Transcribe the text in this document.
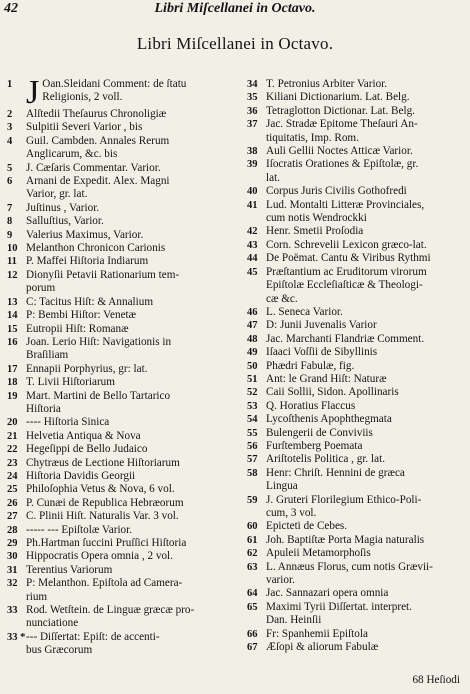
42	Libri Miſcellanei in Octavo.
Libri Miſcellanei in Octavo.
1 J Oan.Sleidani Comment: de ſtatu
Religionis, 2 voll.
2	Alſtedii Theſaurus Chronoligiæ
3	Sulpitii Severi Varior , bis
4	Guil. Cambden. Annales Rerum
Anglicarum, &c. bis
5	J. Cæſaris Commentar. Varior.
6	Arnani de Expedit. Alex. Magni
Varior, gr. lat.
7	Juſtinus , Varior.
8	Salluſtius, Varior.
9	Valerius Maximus, Varior.
10 Melanthon Chronicon Carionis
11 P. Maffei Hiſtoria Indiarum
12 Dionyſii Petavii Rationarium tem-
porum
13 C: Tacitus Hiſt: & Annalium
14 P: Bembi Hiſtor: Venetæ
15 Eutropii Hiſt: Romanæ
16 Joan. Lerio Hiſt: Navigationis in
Braſiliam
17 Ennapii Porphyrius, gr: lat.
18 T. Livii Hiſtoriarum
19 Mart. Martini de Bello Tartarico
Hiſtoria
20 ---- Hiſtoria Sinica
21 Helvetia Antiqua & Nova
22 Hegeſippi de Bello Judaico
23 Chytræus de Lectione Hiſtoriarum
24 Hiſtoria Davidis Georgii
25 Philoſophia Vetus & Nova, 6 vol.
26 P. Cunæi de Republica Hebræorum
27 C. Plinii Hiſt. Naturalis Var. 3 vol.
28 ----- --- Epiſtolæ Varior.
29 Ph.Hartman ſuccini Pruſſici Hiſtoria
30 Hippocratis Opera omnia , 2 vol.
31 Terentius Variorum
32 P: Melanthon. Epiſtola ad Camera-
rium
33 Rod. Wetſtein. de Linguæ græcæ pro-
nunciatione
33 * --- Diſſertat: Epiſt: de accenti-
bus Græcorum
34 T. Petronius Arbiter Varior.
35 Kiliani Dictionarium. Lat. Belg.
36 Tetraglotton Dictionar. Lat. Belg.
37 Jac. Stradæ Epitome Theſauri An-
tiquitatis, Imp. Rom.
38 Auli Gellii Noctes Atticæ Varior.
39 Iſocratis Orationes & Epiſtolæ, gr.
lat.
40 Corpus Juris Civilis Gothofredi
41 Lud. Montalti Litteræ Provinciales,
cum notis Wendrockki
42 Henr. Smetii Proſodia
43 Corn. Schrevelii Lexicon græco-lat.
44 De Poëmat. Cantu & Viribus Rythmi
45 Præſtantium ac Eruditorum virorum
Epiſtolæ Eccleſiaſticæ & Theologi-
cæ &c.
46 L. Seneca Varior.
47 D: Junii Juvenalis Varior
48 Jac. Marchanti Flandriæ Comment.
49 Iſaaci Voſſii de Sibyllinis
50 Phædri Fabulæ, fig.
51 Ant: le Grand Hiſt: Naturæ
52 Caii Sollii, Sidon. Apollinaris
53 Q. Horatius Flaccus
54 Lycoſthenis Apophthegmata
55 Bulengerii de Conviviis
56 Furſtemberg Poemata
57 Ariſtotelis Politica , gr. lat.
58 Henr: Chriſt. Hennini de græca
Lingua
59 J. Gruteri Florilegium Ethico-Poli-
cum, 3 vol.
60 Epicteti de Cebes.
61 Joh. Baptiſtæ Porta Magia naturalis
62 Apuleii Metamorphoſis
63 L. Annæus Florus, cum notis Grævii-
varior.
64 Jac. Sannazari opera omnia
65 Maximi Tyrii Diſſertat. interpret.
Dan. Heinſii
66 Fr: Spanhemii Epiſtola
67 Æſopi & aliorum Fabulæ
68 Heſiodi
